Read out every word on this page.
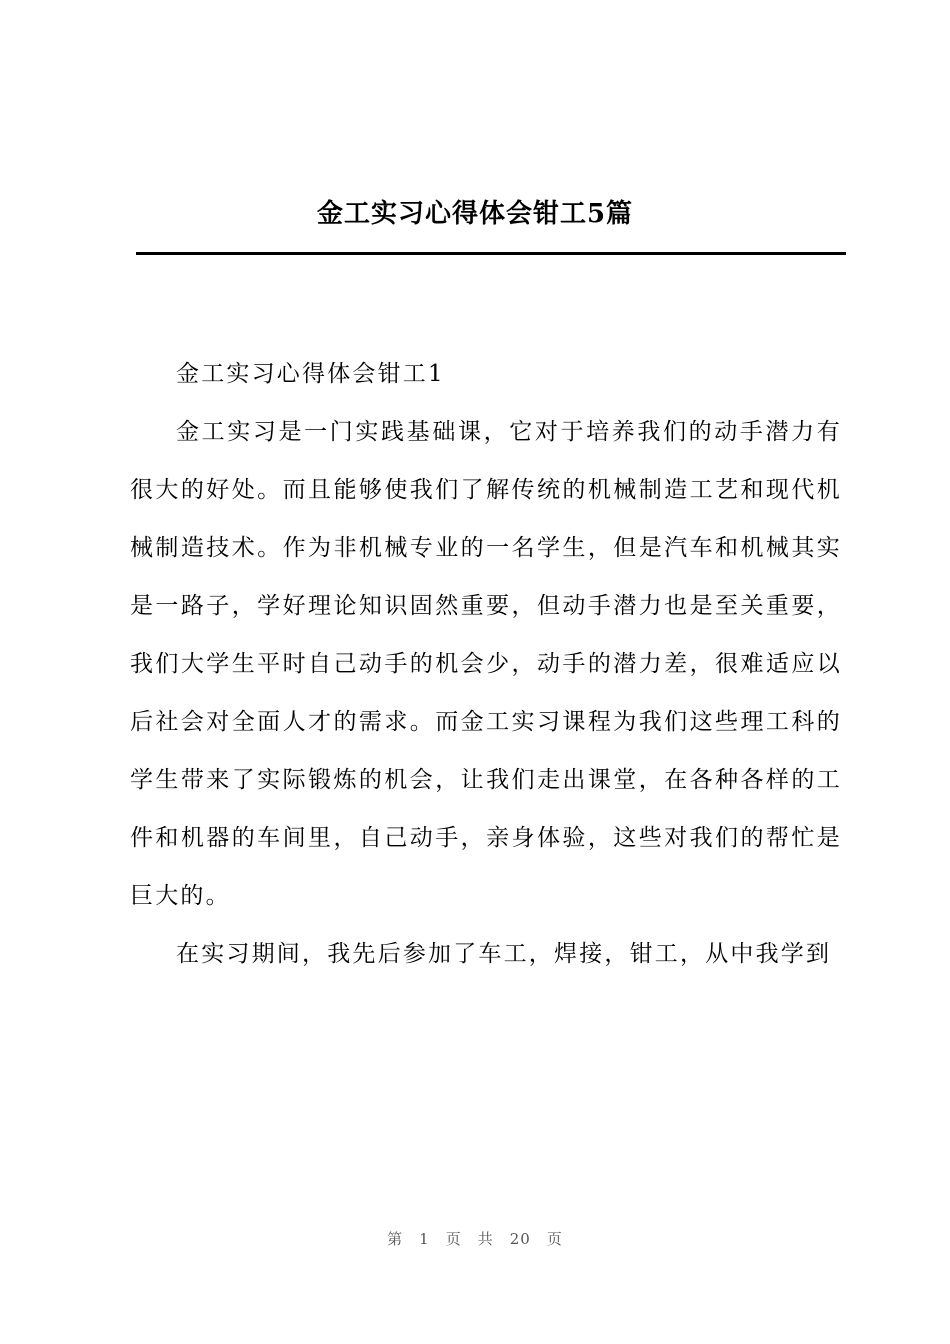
金工实习心得体会钳工5篇
金工实习心得体会钳工1

金工实习是一门实践基础课，它对于培养我们的动手潜力有很大的好处。而且能够使我们了解传统的机械制造工艺和现代机械制造技术。作为非机械专业的一名学生，但是汽车和机械其实是一路子，学好理论知识固然重要，但动手潜力也是至关重要，我们大学生平时自己动手的机会少，动手的潜力差，很难适应以后社会对全面人才的需求。而金工实习课程为我们这些理工科的学生带来了实际锻炼的机会，让我们走出课堂，在各种各样的工件和机器的车间里，自己动手，亲身体验，这些对我们的帮忙是巨大的。

在实习期间，我先后参加了车工，焊接，钳工，从中我学到

第 1 页 共 20 页
